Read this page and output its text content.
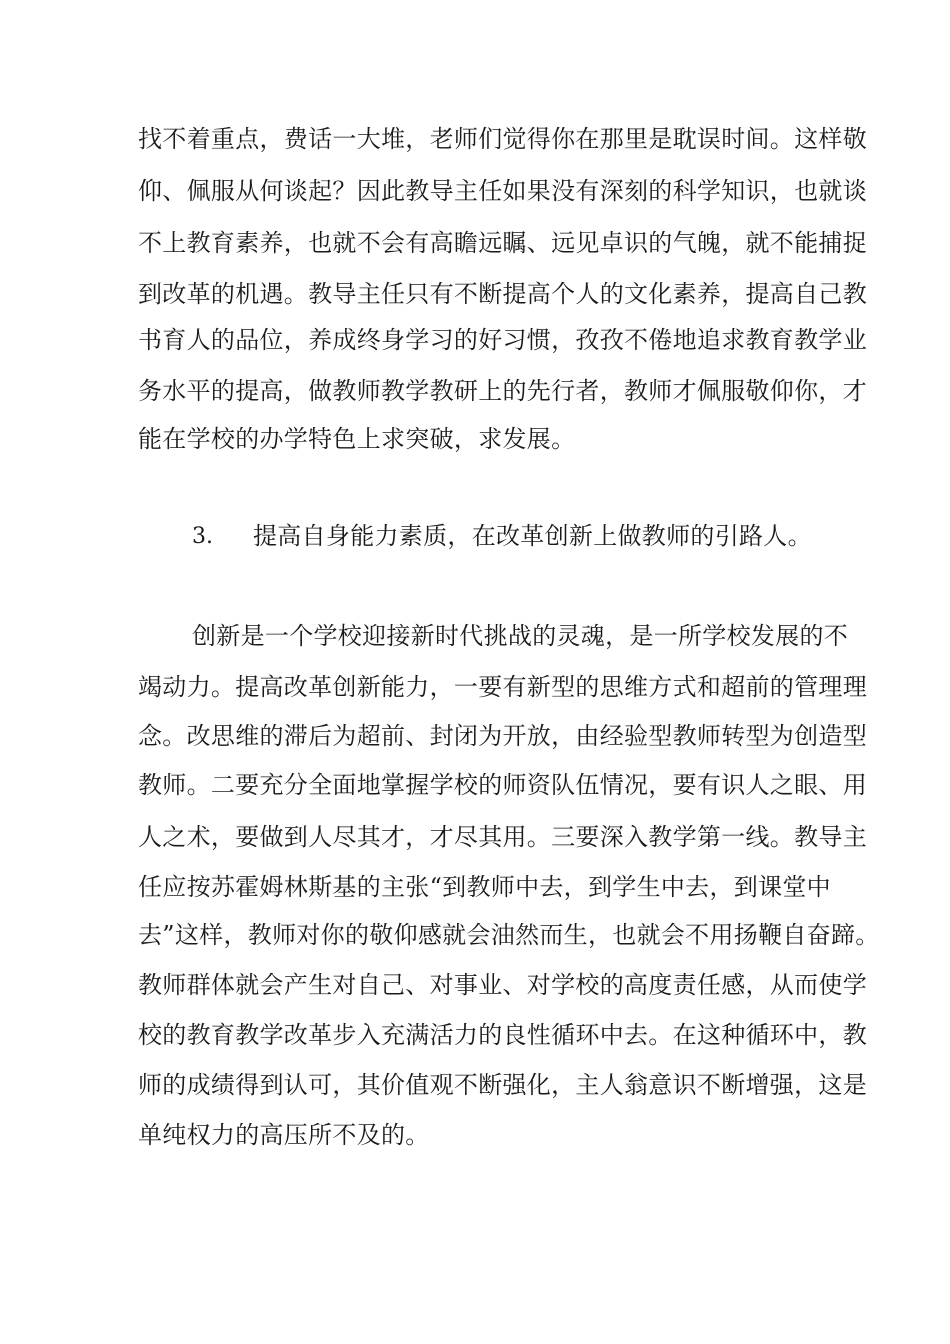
找不着重点，费话一大堆，老师们觉得你在那里是耽误时间。这样敬
仰、佩服从何谈起？因此教导主任如果没有深刻的科学知识，也就谈
不上教育素养，也就不会有高瞻远瞩、远见卓识的气魄，就不能捕捉
到改革的机遇。教导主任只有不断提高个人的文化素养，提高自己教
书育人的品位，养成终身学习的好习惯，孜孜不倦地追求教育教学业
务水平的提高，做教师教学教研上的先行者，教师才佩服敬仰你，才
能在学校的办学特色上求突破，求发展。
3. 提高自身能力素质，在改革创新上做教师的引路人。
创新是一个学校迎接新时代挑战的灵魂，是一所学校发展的不
竭动力。提高改革创新能力，一要有新型的思维方式和超前的管理理
念。改思维的滞后为超前、封闭为开放，由经验型教师转型为创造型
教师。二要充分全面地掌握学校的师资队伍情况，要有识人之眼、用
人之术，要做到人尽其才，才尽其用。三要深入教学第一线。教导主
任应按苏霍姆林斯基的主张“到教师中去，到学生中去，到课堂中
去”这样，教师对你的敬仰感就会油然而生，也就会不用扬鞭自奋蹄。
教师群体就会产生对自己、对事业、对学校的高度责任感，从而使学
校的教育教学改革步入充满活力的良性循环中去。在这种循环中，教
师的成绩得到认可，其价值观不断强化，主人翁意识不断增强，这是
单纯权力的高压所不及的。
